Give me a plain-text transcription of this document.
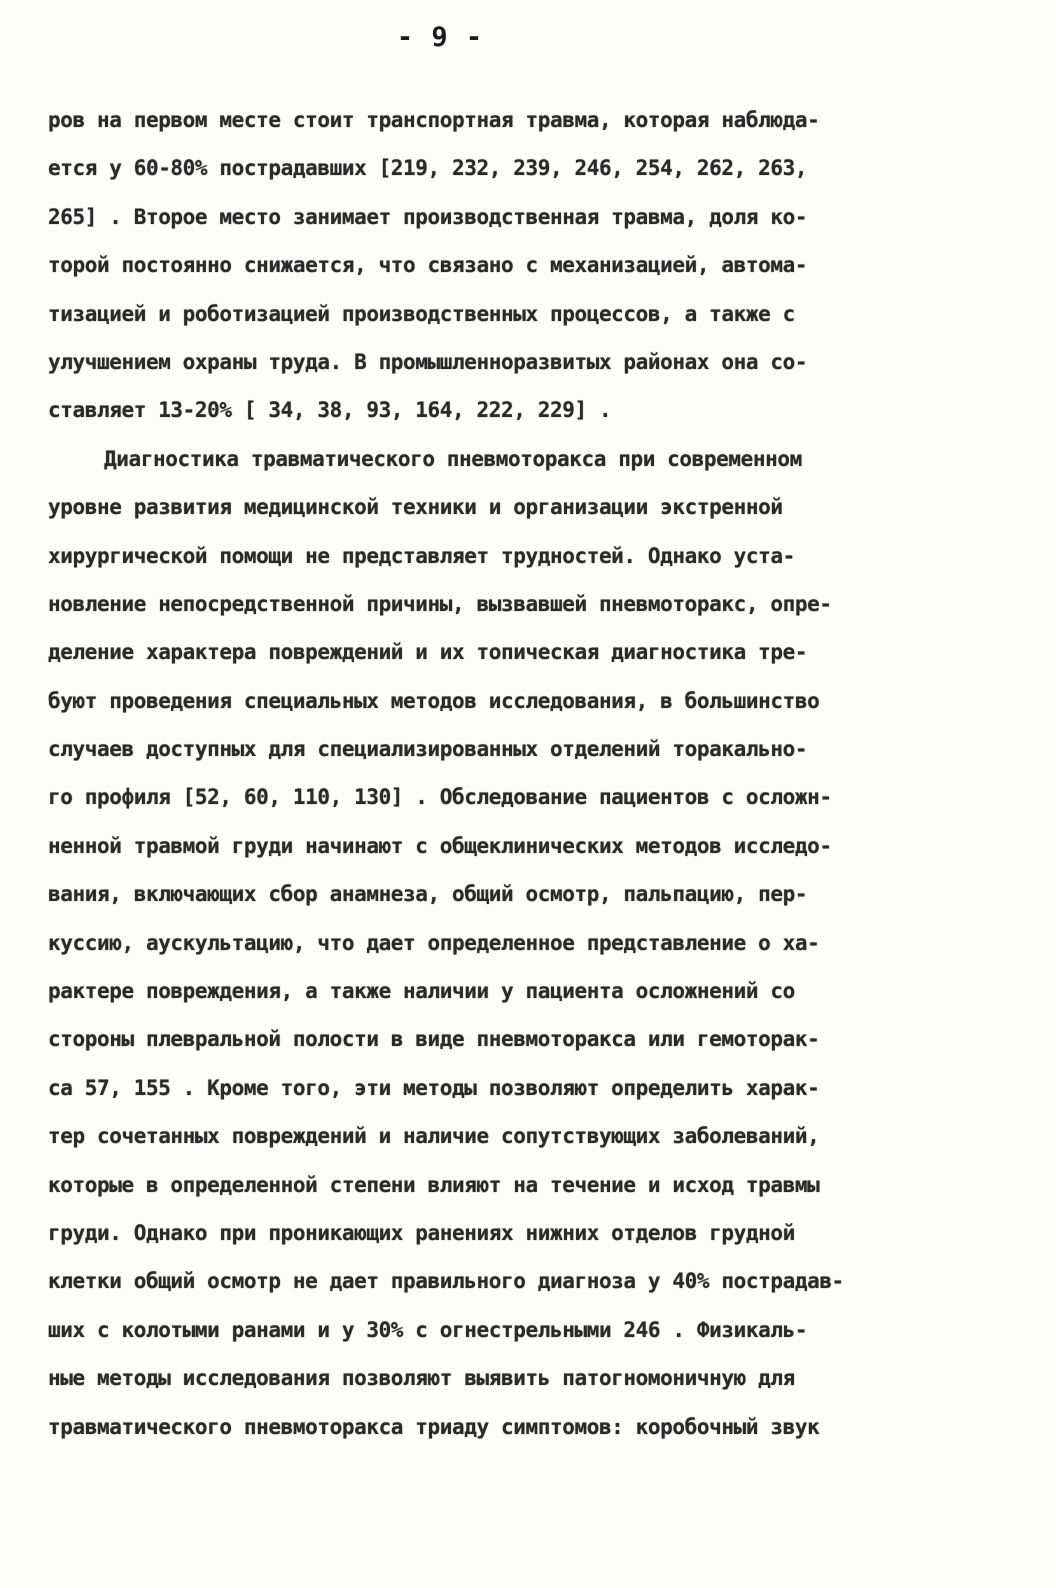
- 9 -
ров на первом месте стоит транспортная травма, которая наблюда-
ется у 60-80% пострадавших [219, 232, 239, 246, 254, 262, 263,
265] . Второе место занимает производственная травма, доля ко-
торой постоянно снижается, что связано с механизацией, автома-
тизацией и роботизацией производственных процессов, а также с
улучшением охраны труда. В промышленноразвитых районах она со-
ставляет 13-20% [ 34, 38, 93, 164, 222, 229] .
Диагностика травматического пневмоторакса при современном
уровне развития медицинской техники и организации экстренной
хирургической помощи не представляет трудностей. Однако уста-
новление непосредственной причины, вызвавшей пневмоторакс, опре-
деление характера повреждений и их топическая диагностика тре-
буют проведения специальных методов исследования, в большинство
случаев доступных для специализированных отделений торакально-
го профиля [52, 60, 110, 130] . Обследование пациентов с осложн-
ненной травмой груди начинают с общеклинических методов исследо-
вания, включающих сбор анамнеза, общий осмотр, пальпацию, пер-
куссию, аускультацию, что дает определенное представление о ха-
рактере повреждения, а также наличии у пациента осложнений со
стороны плевральной полости в виде пневмоторакса или гемоторак-
са 57, 155 . Кроме того, эти методы позволяют определить харак-
тер сочетанных повреждений и наличие сопутствующих заболеваний,
которые в определенной степени влияют на течение и исход травмы
груди. Однако при проникающих ранениях нижних отделов грудной
клетки общий осмотр не дает правильного диагноза у 40% пострадав-
ших с колотыми ранами и у 30% с огнестрельными 246 . Физикаль-
ные методы исследования позволяют выявить патогномоничную для
травматического пневмоторакса триаду симптомов: коробочный звук
